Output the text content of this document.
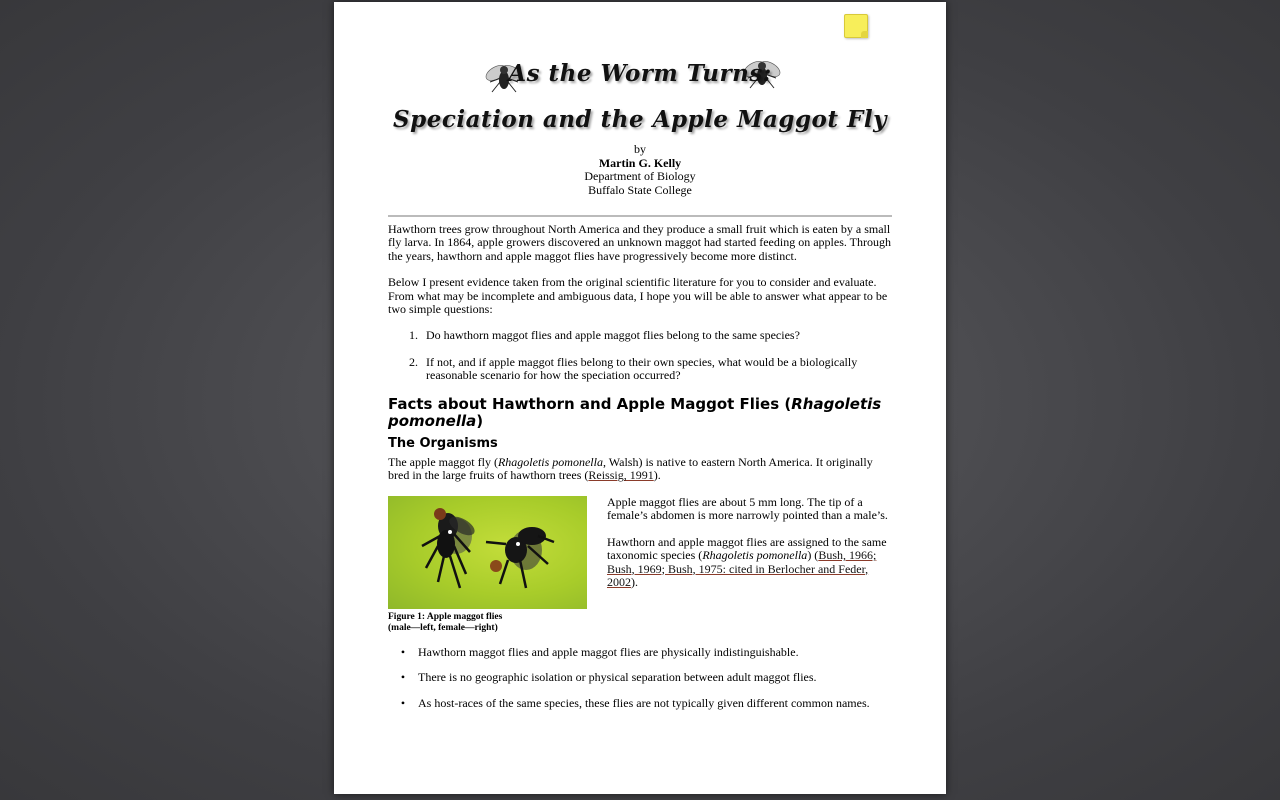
As the Worm Turns:
Speciation and the Apple Maggot Fly
by
Martin G. Kelly
Department of Biology
Buffalo State College

Hawthorn trees grow throughout North America and they produce a small fruit which is eaten by a small fly larva. In 1864, apple growers discovered an unknown maggot had started feeding on apples. Through the years, hawthorn and apple maggot flies have progressively become more distinct.

Below I present evidence taken from the original scientific literature for you to consider and evaluate. From what may be incomplete and ambiguous data, I hope you will be able to answer what appear to be two simple questions:

1. Do hawthorn maggot flies and apple maggot flies belong to the same species?
2. If not, and if apple maggot flies belong to their own species, what would be a biologically reasonable scenario for how the speciation occurred?
Facts about Hawthorn and Apple Maggot Flies (Rhagoletis pomonella)
The Organisms

The apple maggot fly (Rhagoletis pomonella, Walsh) is native to eastern North America. It originally bred in the large fruits of hawthorn trees (Reissig, 1991).

Figure 1: Apple maggot flies
(male—left, female—right)

Apple maggot flies are about 5 mm long. The tip of a female’s abdomen is more narrowly pointed than a male’s.

Hawthorn and apple maggot flies are assigned to the same taxonomic species (Rhagoletis pomonella) (Bush, 1966; Bush, 1969; Bush, 1975: cited in Berlocher and Feder, 2002).

•	Hawthorn maggot flies and apple maggot flies are physically indistinguishable.
•	There is no geographic isolation or physical separation between adult maggot flies.
•	As host-races of the same species, these flies are not typically given different common names.
